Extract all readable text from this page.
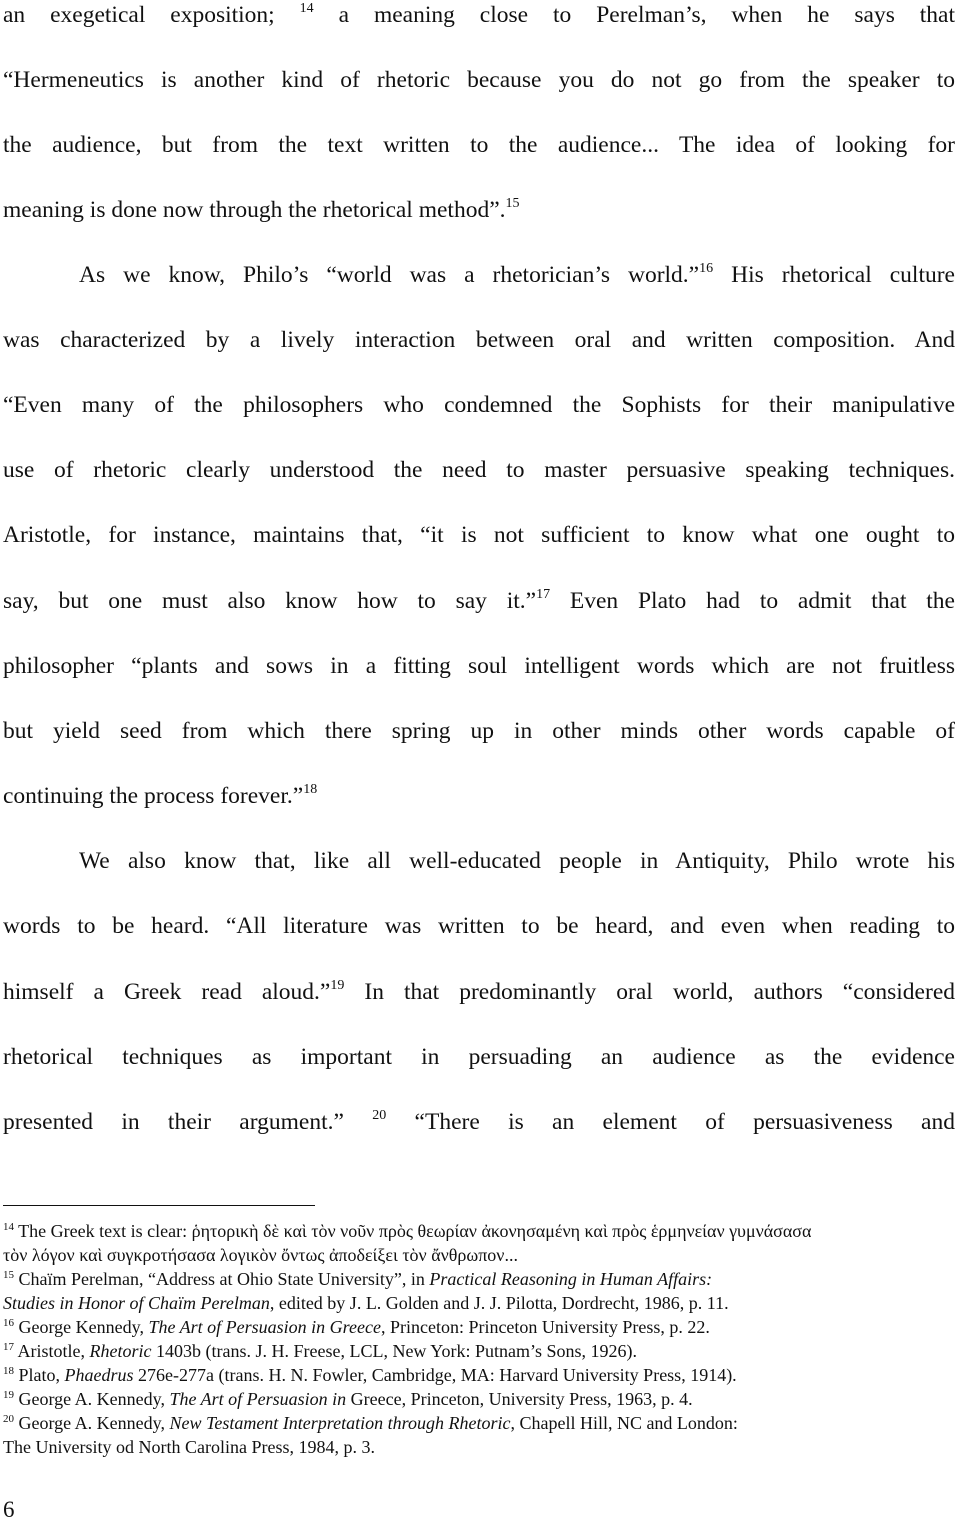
an exegetical exposition; $^{14}$ a meaning close to Perelman’s, when he says that
“Hermeneutics is another kind of rhetoric because you do not go from the speaker to
the audience, but from the text written to the audience... The idea of looking for
meaning is done now through the rhetorical method”.$^{15}$
As we know, Philo’s “world was a rhetorician’s world.”$^{16}$ His rhetorical culture
was characterized by a lively interaction between oral and written composition. And
“Even many of the philosophers who condemned the Sophists for their manipulative
use of rhetoric clearly understood the need to master persuasive speaking techniques.
Aristotle, for instance, maintains that, “it is not sufficient to know what one ought to
say, but one must also know how to say it.”$^{17}$ Even Plato had to admit that the
philosopher “plants and sows in a fitting soul intelligent words which are not fruitless
but yield seed from which there spring up in other minds other words capable of
continuing the process forever.”$^{18}$
We also know that, like all well-educated people in Antiquity, Philo wrote his
words to be heard. “All literature was written to be heard, and even when reading to
himself a Greek read aloud.”$^{19}$ In that predominantly oral world, authors “considered
rhetorical techniques as important in persuading an audience as the evidence
presented in their argument.” $^{20}$ “There is an element of persuasiveness and
$^{14}$ The Greek text is clear: ῥητορικὴ δὲ καὶ τὸν νοῦν πρὸς θεωρίαν ἀκονησαμένη καὶ πρὸς ἑρμηνείαν γυμνάσασα
τὸν λόγον καὶ συγκροτήσασα λογικὸν ὄντως ἀποδείξει τὸν ἄνθρωπον...
$^{15}$ Chaïm Perelman, “Address at Ohio State University”, in Practical Reasoning in Human Affairs:
Studies in Honor of Chaïm Perelman, edited by J. L. Golden and J. J. Pilotta, Dordrecht, 1986, p. 11.
$^{16}$ George Kennedy, The Art of Persuasion in Greece, Princeton: Princeton University Press, p. 22.
$^{17}$ Aristotle, Rhetoric 1403b (trans. J. H. Freese, LCL, New York: Putnam’s Sons, 1926).
$^{18}$ Plato, Phaedrus 276e-277a (trans. H. N. Fowler, Cambridge, MA: Harvard University Press, 1914).
$^{19}$ George A. Kennedy, The Art of Persuasion in Greece, Princeton, University Press, 1963, p. 4.
$^{20}$ George A. Kennedy, New Testament Interpretation through Rhetoric, Chapell Hill, NC and London:
The University od North Carolina Press, 1984, p. 3.
6
